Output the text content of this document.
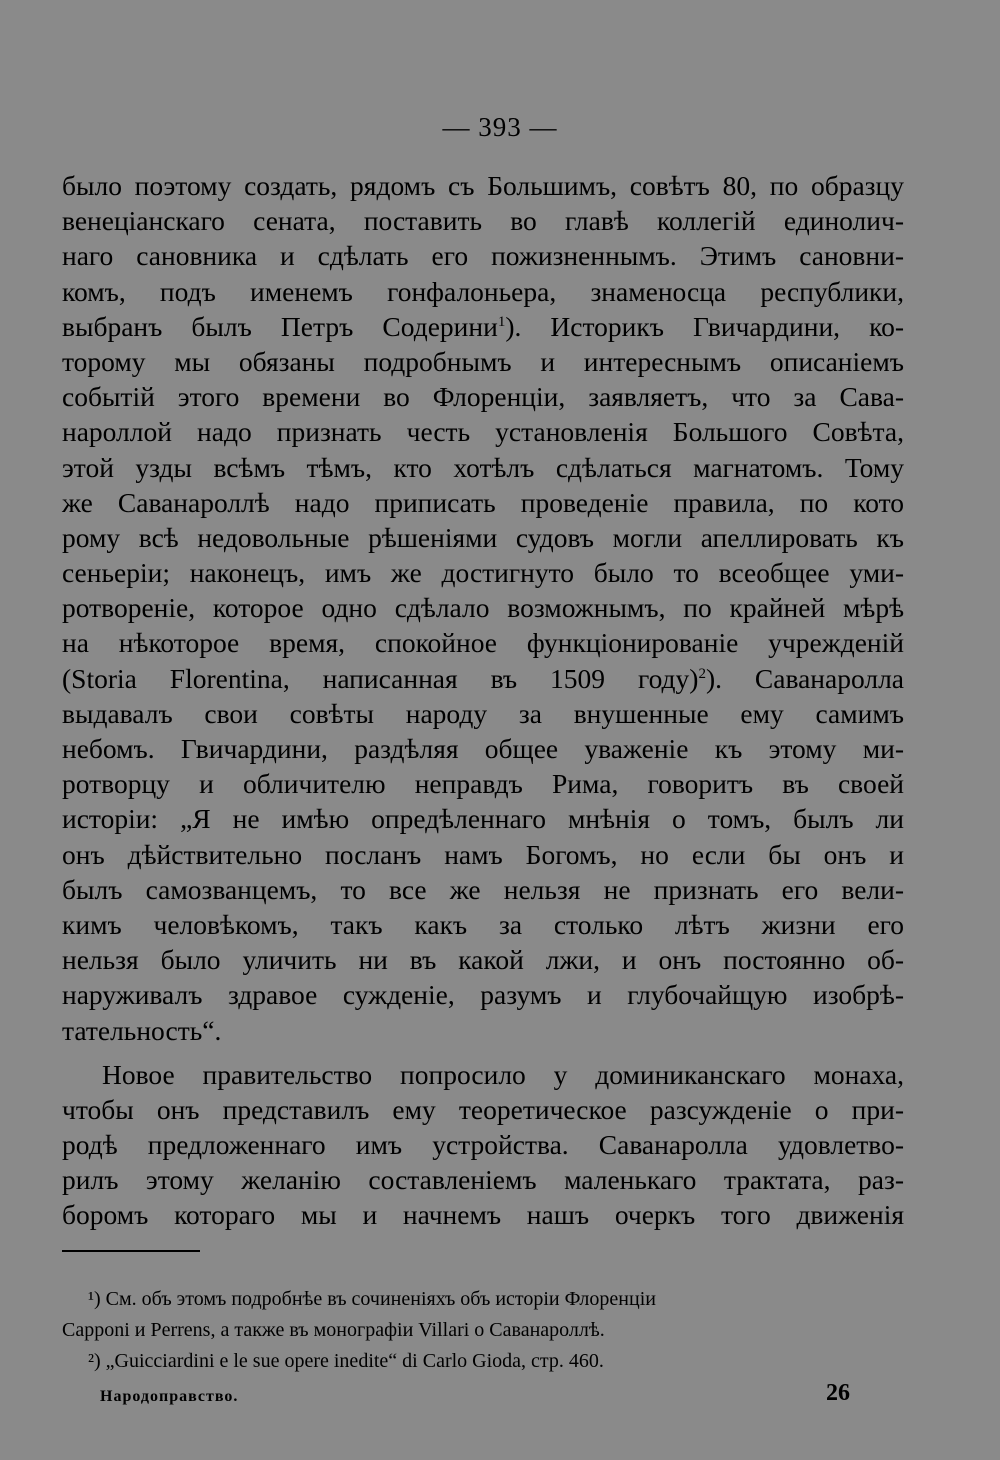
— 393 —
было поэтому создать, рядомъ съ Большимъ, совѣтъ 80, по образцу
венеціанскаго сената, поставить во главѣ коллегій единолич-
наго сановника и сдѣлать его пожизненнымъ. Этимъ сановни-
комъ, подъ именемъ гонфалоньера, знаменосца республики,
выбранъ былъ Петръ Содерини$^1$). Историкъ Гвичардини, ко-
торому мы обязаны подробнымъ и интереснымъ описаніемъ
событій этого времени во Флоренціи, заявляетъ, что за Сава-
нароллой надо признать честь установленія Большого Совѣта,
этой узды всѣмъ тѣмъ, кто хотѣлъ сдѣлаться магнатомъ. Тому
же Саванароллѣ надо приписать проведеніе правила, по кото
рому всѣ недовольные рѣшеніями судовъ могли апеллировать къ
сеньеріи; наконецъ, имъ же достигнуто было то всеобщее уми-
ротвореніе, которое одно сдѣлало возможнымъ, по крайней мѣрѣ
на нѣкоторое время, спокойное функціонированіе учрежденій
(Storia Florentina, написанная въ 1509 году)$^2$). Саванаролла
выдавалъ свои совѣты народу за внушенные ему самимъ
небомъ. Гвичардини, раздѣляя общее уваженіе къ этому ми-
ротворцу и обличителю неправдъ Рима, говоритъ въ своей
исторіи: „Я не имѣю опредѣленнаго мнѣнія о томъ, былъ ли
онъ дѣйствительно посланъ намъ Богомъ, но если бы онъ и
былъ самозванцемъ, то все же нельзя не признать его вели-
кимъ человѣкомъ, такъ какъ за столько лѣтъ жизни его
нельзя было уличить ни въ какой лжи, и онъ постоянно об-
наруживалъ здравое сужденіе, разумъ и глубочайщую изобрѣ-
тательность“.
Новое правительство попросило у доминиканскаго монаха,
чтобы онъ представилъ ему теоретическое разсужденіе о при-
родѣ предложеннаго имъ устройства. Саванаролла удовлетво-
рилъ этому желанію составленіемъ маленькаго трактата, раз-
боромъ котораго мы и начнемъ нашъ очеркъ того движенія
¹) См. объ этомъ подробнѣе въ сочиненіяхъ объ исторіи Флоренціи
Capponi и Perrens, а также въ монографіи Villari о Саванароллѣ.
²) „Guicciardini e le sue opere inedite“ di Carlo Gioda, стр. 460.
Народоправство.	26
